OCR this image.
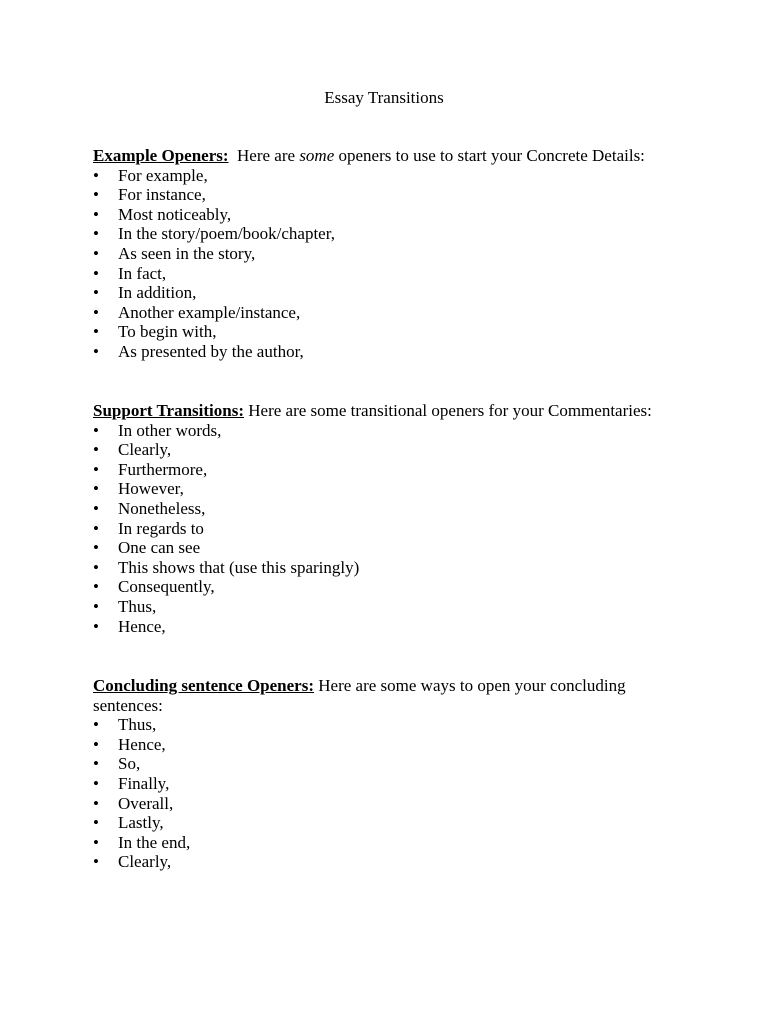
Essay Transitions

Example Openers:  Here are some openers to use to start your Concrete Details:

• For example,
• For instance,
• Most noticeably,
• In the story/poem/book/chapter,
• As seen in the story,
• In fact,
• In addition,
• Another example/instance,
• To begin with,
• As presented by the author,

Support Transitions: Here are some transitional openers for your Commentaries:

• In other words,
• Clearly,
• Furthermore,
• However,
• Nonetheless,
• In regards to
• One can see
• This shows that (use this sparingly)
• Consequently,
• Thus,
• Hence,

Concluding sentence Openers: Here are some ways to open your concluding sentences:

• Thus,
• Hence,
• So,
• Finally,
• Overall,
• Lastly,
• In the end,
• Clearly,
